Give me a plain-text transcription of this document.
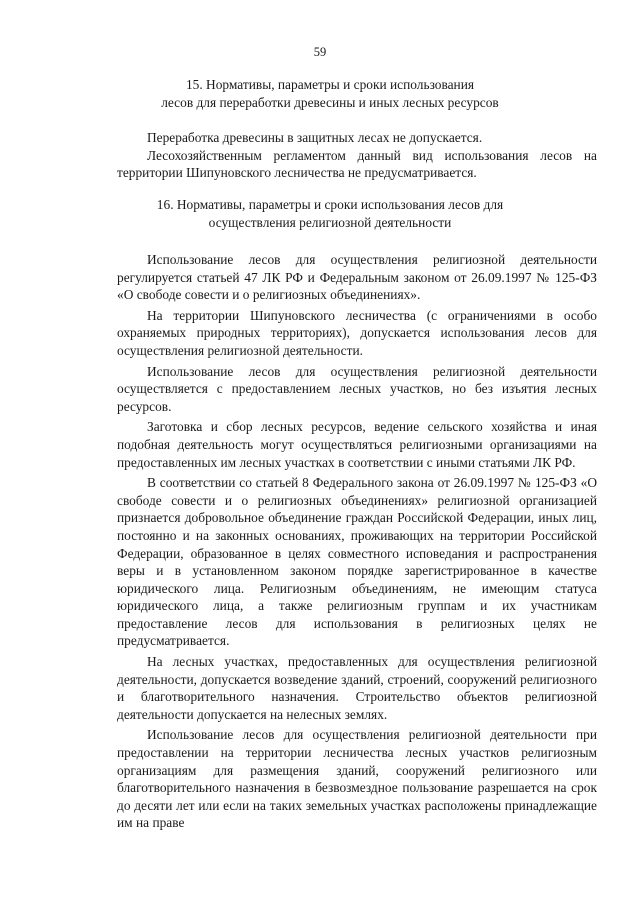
59
15. Нормативы, параметры и сроки использования
лесов для переработки древесины и иных лесных ресурсов

Переработка древесины в защитных лесах не допускается.

Лесохозяйственным регламентом данный вид использования лесов на территории Шипуновского лесничества не предусматривается.

16. Нормативы, параметры и сроки использования лесов для
осуществления религиозной деятельности

Использование лесов для осуществления религиозной деятельности регулируется статьей 47 ЛК РФ и Федеральным законом от 26.09.1997 № 125-ФЗ «О свободе совести и о религиозных объединениях».

На территории Шипуновского лесничества (с ограничениями в особо охраняемых природных территориях), допускается использования лесов для осуществления религиозной деятельности.

Использование лесов для осуществления религиозной деятельности осуществляется с предоставлением лесных участков, но без изъятия лесных ресурсов.

Заготовка и сбор лесных ресурсов, ведение сельского хозяйства и иная подобная деятельность могут осуществляться религиозными организациями на предоставленных им лесных участках в соответствии с иными статьями ЛК РФ.

В соответствии со статьей 8 Федерального закона от 26.09.1997 № 125-ФЗ «О свободе совести и о религиозных объединениях» религиозной организацией признается добровольное объединение граждан Российской Федерации, иных лиц, постоянно и на законных основаниях, проживающих на территории Российской Федерации, образованное в целях совместного исповедания и распространения веры и в установленном законом порядке зарегистрированное в качестве юридического лица. Религиозным объединениям, не имеющим статуса юридического лица, а также религиозным группам и их участникам предоставление лесов для использования в религиозных целях не предусматривается.

На лесных участках, предоставленных для осуществления религиозной деятельности, допускается возведение зданий, строений, сооружений религиозного и благотворительного назначения. Строительство объектов религиозной деятельности допускается на нелесных землях.

Использование лесов для осуществления религиозной деятельности при предоставлении на территории лесничества лесных участков религиозным организациям для размещения зданий, сооружений религиозного или благотворительного назначения в безвозмездное пользование разрешается на срок до десяти лет или если на таких земельных участках расположены принадлежащие им на праве
